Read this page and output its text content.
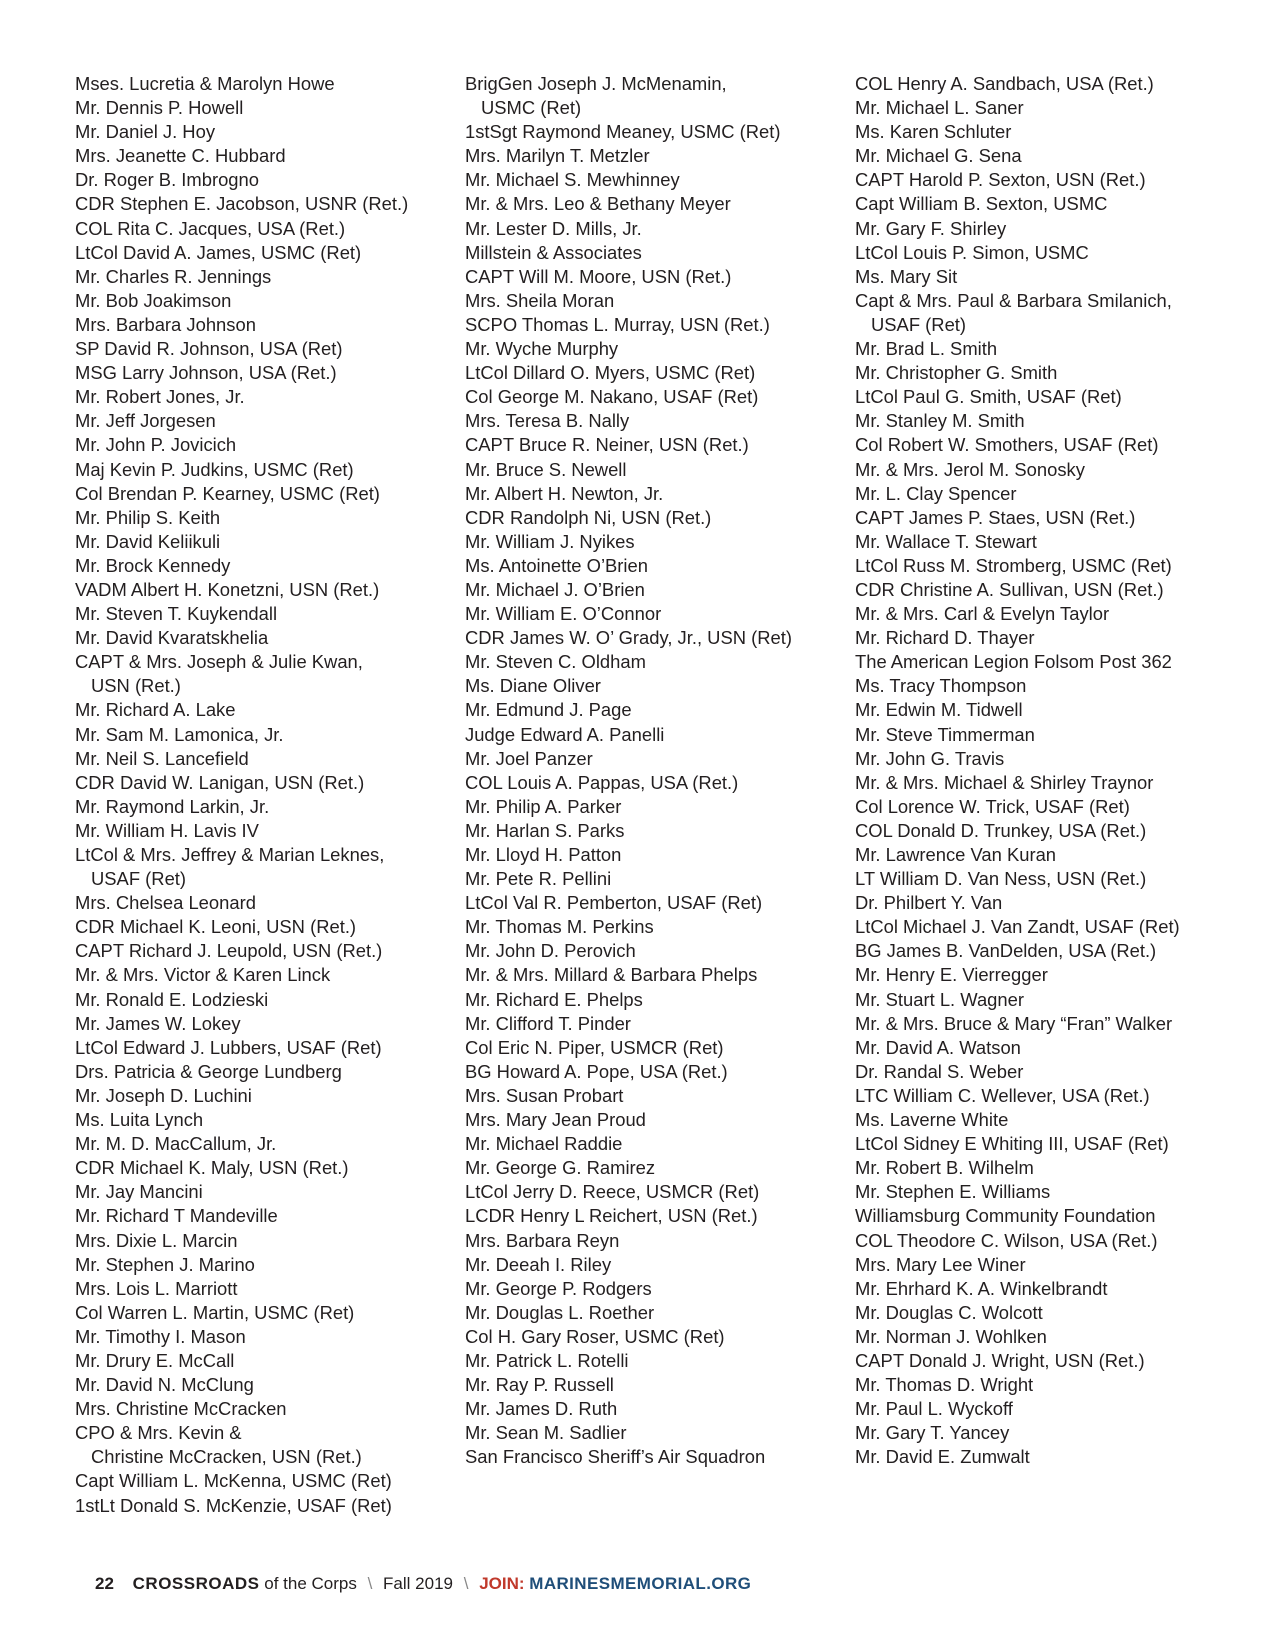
Mses. Lucretia & Marolyn Howe
Mr. Dennis P. Howell
Mr. Daniel J. Hoy
Mrs. Jeanette C. Hubbard
Dr. Roger B. Imbrogno
CDR Stephen E. Jacobson, USNR (Ret.)
COL Rita C. Jacques, USA (Ret.)
LtCol David A. James, USMC (Ret)
Mr. Charles R. Jennings
Mr. Bob Joakimson
Mrs. Barbara Johnson
SP David R. Johnson, USA (Ret)
MSG Larry Johnson, USA (Ret.)
Mr. Robert Jones, Jr.
Mr. Jeff Jorgesen
Mr. John P. Jovicich
Maj Kevin P. Judkins, USMC (Ret)
Col Brendan P. Kearney, USMC (Ret)
Mr. Philip S. Keith
Mr. David Keliikuli
Mr. Brock Kennedy
VADM Albert H. Konetzni, USN (Ret.)
Mr. Steven T. Kuykendall
Mr. David Kvaratskhelia
CAPT & Mrs. Joseph & Julie Kwan,
USN (Ret.)
Mr. Richard A. Lake
Mr. Sam M. Lamonica, Jr.
Mr. Neil S. Lancefield
CDR David W. Lanigan, USN (Ret.)
Mr. Raymond Larkin, Jr.
Mr. William H. Lavis IV
LtCol & Mrs. Jeffrey & Marian Leknes,
USAF (Ret)
Mrs. Chelsea Leonard
CDR Michael K. Leoni, USN (Ret.)
CAPT Richard J. Leupold, USN (Ret.)
Mr. & Mrs. Victor & Karen Linck
Mr. Ronald E. Lodzieski
Mr. James W. Lokey
LtCol Edward J. Lubbers, USAF (Ret)
Drs. Patricia & George Lundberg
Mr. Joseph D. Luchini
Ms. Luita Lynch
Mr. M. D. MacCallum, Jr.
CDR Michael K. Maly, USN (Ret.)
Mr. Jay Mancini
Mr. Richard T Mandeville
Mrs. Dixie L. Marcin
Mr. Stephen J. Marino
Mrs. Lois L. Marriott
Col Warren L. Martin, USMC (Ret)
Mr. Timothy I. Mason
Mr. Drury E. McCall
Mr. David N. McClung
Mrs. Christine McCracken
CPO & Mrs. Kevin &
Christine McCracken, USN (Ret.)
Capt William L. McKenna, USMC (Ret)
1stLt Donald S. McKenzie, USAF (Ret)
BrigGen Joseph J. McMenamin,
USMC (Ret)
1stSgt Raymond Meaney, USMC (Ret)
Mrs. Marilyn T. Metzler
Mr. Michael S. Mewhinney
Mr. & Mrs. Leo & Bethany Meyer
Mr. Lester D. Mills, Jr.
Millstein & Associates
CAPT Will M. Moore, USN (Ret.)
Mrs. Sheila Moran
SCPO Thomas L. Murray, USN (Ret.)
Mr. Wyche Murphy
LtCol Dillard O. Myers, USMC (Ret)
Col George M. Nakano, USAF (Ret)
Mrs. Teresa B. Nally
CAPT Bruce R. Neiner, USN (Ret.)
Mr. Bruce S. Newell
Mr. Albert H. Newton, Jr.
CDR Randolph Ni, USN (Ret.)
Mr. William J. Nyikes
Ms. Antoinette O’Brien
Mr. Michael J. O’Brien
Mr. William E. O’Connor
CDR James W. O’ Grady, Jr., USN (Ret)
Mr. Steven C. Oldham
Ms. Diane Oliver
Mr. Edmund J. Page
Judge Edward A. Panelli
Mr. Joel Panzer
COL Louis A. Pappas, USA (Ret.)
Mr. Philip A. Parker
Mr. Harlan S. Parks
Mr. Lloyd H. Patton
Mr. Pete R. Pellini
LtCol Val R. Pemberton, USAF (Ret)
Mr. Thomas M. Perkins
Mr. John D. Perovich
Mr. & Mrs. Millard & Barbara Phelps
Mr. Richard E. Phelps
Mr. Clifford T. Pinder
Col Eric N. Piper, USMCR (Ret)
BG Howard A. Pope, USA (Ret.)
Mrs. Susan Probart
Mrs. Mary Jean Proud
Mr. Michael Raddie
Mr. George G. Ramirez
LtCol Jerry D. Reece, USMCR (Ret)
LCDR Henry L Reichert, USN (Ret.)
Mrs. Barbara Reyn
Mr. Deeah I. Riley
Mr. George P. Rodgers
Mr. Douglas L. Roether
Col H. Gary Roser, USMC (Ret)
Mr. Patrick L. Rotelli
Mr. Ray P. Russell
Mr. James D. Ruth
Mr. Sean M. Sadlier
San Francisco Sheriff’s Air Squadron
COL Henry A. Sandbach, USA (Ret.)
Mr. Michael L. Saner
Ms. Karen Schluter
Mr. Michael G. Sena
CAPT Harold P. Sexton, USN (Ret.)
Capt William B. Sexton, USMC
Mr. Gary F. Shirley
LtCol Louis P. Simon, USMC
Ms. Mary Sit
Capt & Mrs. Paul & Barbara Smilanich,
USAF (Ret)
Mr. Brad L. Smith
Mr. Christopher G. Smith
LtCol Paul G. Smith, USAF (Ret)
Mr. Stanley M. Smith
Col Robert W. Smothers, USAF (Ret)
Mr. & Mrs. Jerol M. Sonosky
Mr. L. Clay Spencer
CAPT James P. Staes, USN (Ret.)
Mr. Wallace T. Stewart
LtCol Russ M. Stromberg, USMC (Ret)
CDR Christine A. Sullivan, USN (Ret.)
Mr. & Mrs. Carl & Evelyn Taylor
Mr. Richard D. Thayer
The American Legion Folsom Post 362
Ms. Tracy Thompson
Mr. Edwin M. Tidwell
Mr. Steve Timmerman
Mr. John G. Travis
Mr. & Mrs. Michael & Shirley Traynor
Col Lorence W. Trick, USAF (Ret)
COL Donald D. Trunkey, USA (Ret.)
Mr. Lawrence Van Kuran
LT William D. Van Ness, USN (Ret.)
Dr. Philbert Y. Van
LtCol Michael J. Van Zandt, USAF (Ret)
BG James B. VanDelden, USA (Ret.)
Mr. Henry E. Vierregger
Mr. Stuart L. Wagner
Mr. & Mrs. Bruce & Mary “Fran” Walker
Mr. David A. Watson
Dr. Randal S. Weber
LTC William C. Wellever, USA (Ret.)
Ms. Laverne White
LtCol Sidney E Whiting III, USAF (Ret)
Mr. Robert B. Wilhelm
Mr. Stephen E. Williams
Williamsburg Community Foundation
COL Theodore C. Wilson, USA (Ret.)
Mrs. Mary Lee Winer
Mr. Ehrhard K. A. Winkelbrandt
Mr. Douglas C. Wolcott
Mr. Norman J. Wohlken
CAPT Donald J. Wright, USN (Ret.)
Mr. Thomas D. Wright
Mr. Paul L. Wyckoff
Mr. Gary T. Yancey
Mr. David E. Zumwalt
22 CROSSROADS of the Corps \ Fall 2019 \ JOIN: MARINESMEMORIAL.ORG
